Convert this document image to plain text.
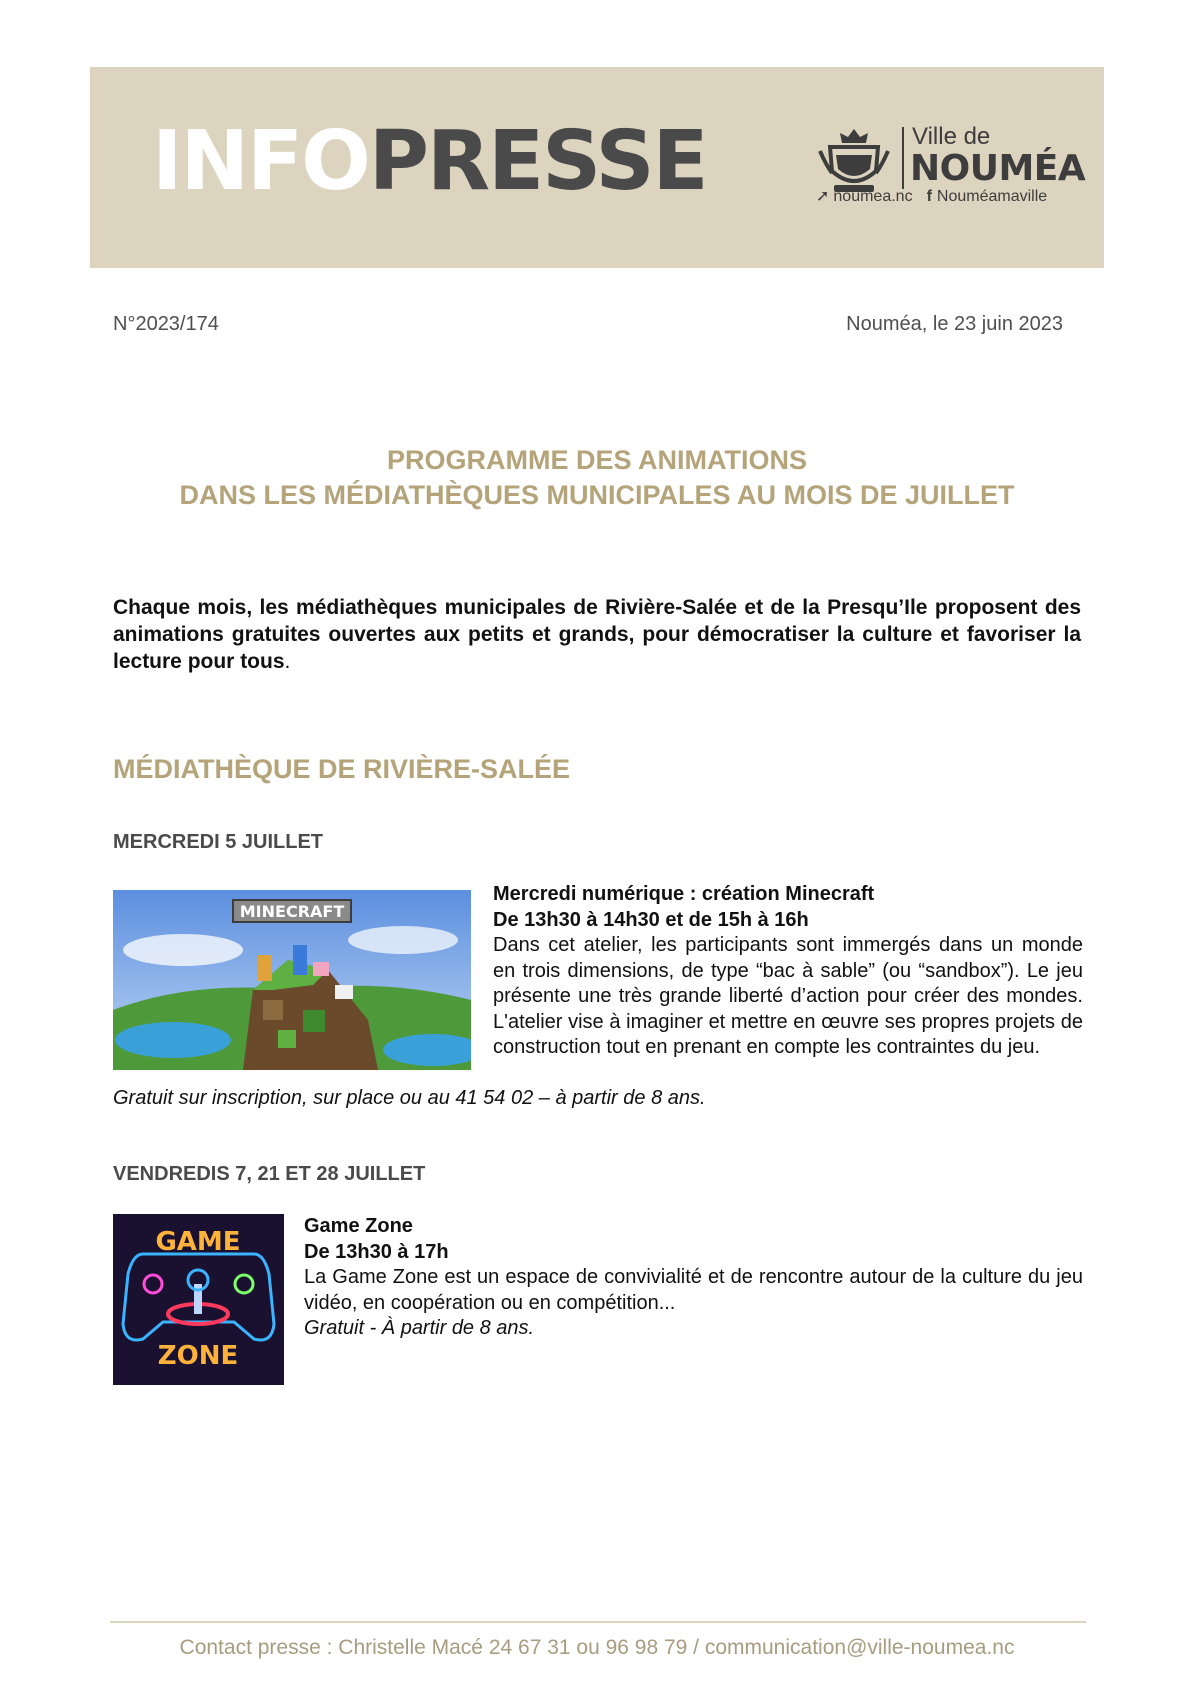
INFOPRESSE	Ville de
NOUMÉA
➚ noumea.nc f Nouméamaville
N°2023/174	Nouméa, le 23 juin 2023
PROGRAMME DES ANIMATIONS
DANS LES MÉDIATHÈQUES MUNICIPALES AU MOIS DE JUILLET
Chaque mois, les médiathèques municipales de Rivière-Salée et de la Presqu’Ile proposent des animations gratuites ouvertes aux petits et grands, pour démocratiser la culture et favoriser la lecture pour tous.
MÉDIATHÈQUE DE RIVIÈRE-SALÉE
MERCREDI 5 JUILLET
MINECRAFT
Mercredi numérique : création Minecraft
De 13h30 à 14h30 et de 15h à 16h
Dans cet atelier, les participants sont immergés dans un monde en trois dimensions, de type “bac à sable” (ou “sandbox”). Le jeu présente une très grande liberté d’action pour créer des mondes. L'atelier vise à imaginer et mettre en œuvre ses propres projets de construction tout en prenant en compte les contraintes du jeu.
Gratuit sur inscription, sur place ou au 41 54 02 – à partir de 8 ans.
VENDREDIS 7, 21 ET 28 JUILLET
GAME
ZONE
Game Zone
De 13h30 à 17h
La Game Zone est un espace de convivialité et de rencontre autour de la culture du jeu vidéo, en coopération ou en compétition...
Gratuit - À partir de 8 ans.
Contact presse : Christelle Macé 24 67 31 ou 96 98 79 / communication@ville-noumea.nc
